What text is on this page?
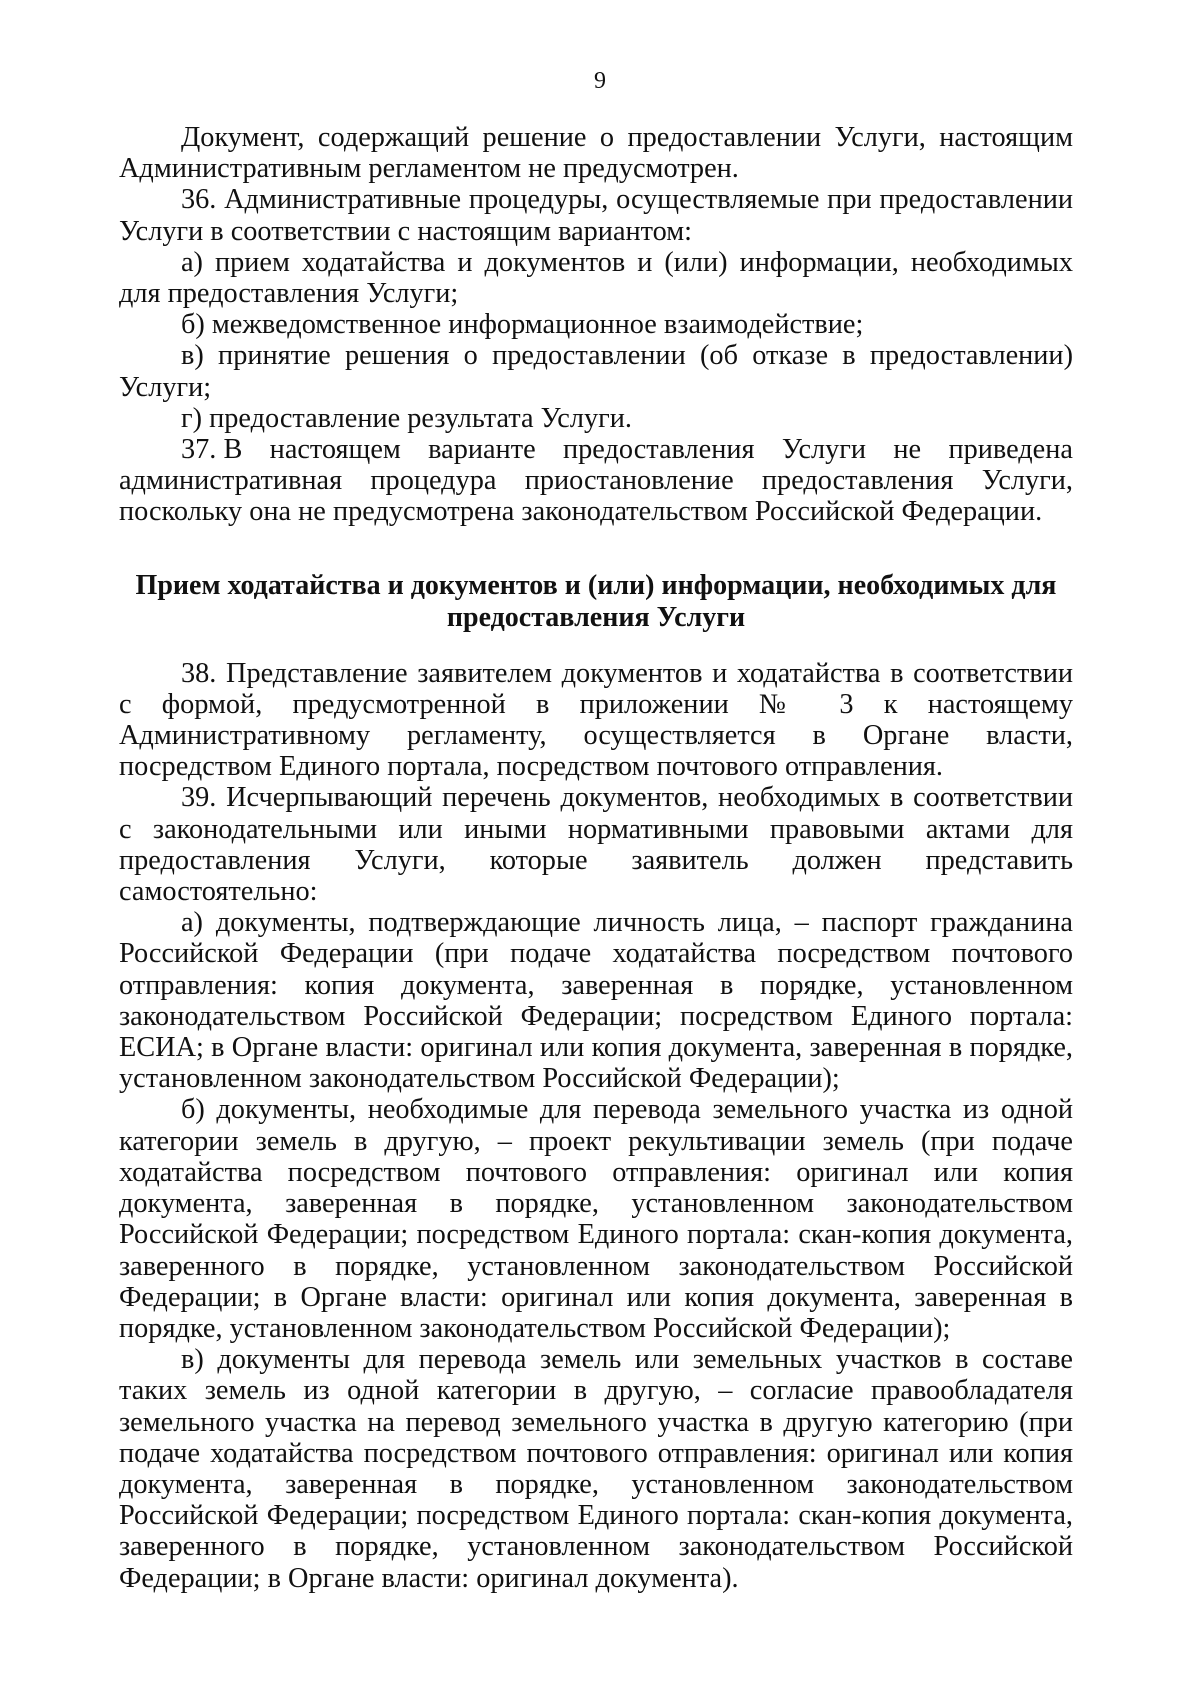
9

Документ, содержащий решение о предоставлении Услуги, настоящим Административным регламентом не предусмотрен.

36. Административные процедуры, осуществляемые при предоставлении Услуги в соответствии с настоящим вариантом:

а) прием ходатайства и документов и (или) информации, необходимых для предоставления Услуги;

б) межведомственное информационное взаимодействие;

в) принятие решения о предоставлении (об отказе в предоставлении) Услуги;

г) предоставление результата Услуги.

37. В настоящем варианте предоставления Услуги не приведена

административная процедура приостановление предоставления Услуги, поскольку она не предусмотрена законодательством Российской Федерации.

Прием ходатайства и документов и (или) информации, необходимых для предоставления Услуги

38. Представление заявителем документов и ходатайства в соответствии с формой, предусмотренной в приложении № 3 к настоящему Административному регламенту, осуществляется в Органе власти, посредством Единого портала, посредством почтового отправления.

39. Исчерпывающий перечень документов, необходимых в соответствии с законодательными или иными нормативными правовыми актами для предоставления Услуги, которые заявитель должен представить самостоятельно:

а) документы, подтверждающие личность лица, – паспорт гражданина Российской Федерации (при подаче ходатайства посредством почтового отправления: копия документа, заверенная в порядке, установленном законодательством Российской Федерации; посредством Единого портала: ЕСИА; в Органе власти: оригинал или копия документа, заверенная в порядке, установленном законодательством Российской Федерации);

б) документы, необходимые для перевода земельного участка из одной категории земель в другую, – проект рекультивации земель (при подаче ходатайства посредством почтового отправления: оригинал или копия документа, заверенная в порядке, установленном законодательством Российской Федерации; посредством Единого портала: скан-копия документа, заверенного в порядке, установленном законодательством Российской Федерации; в Органе власти: оригинал или копия документа, заверенная в порядке, установленном законодательством Российской Федерации);

в) документы для перевода земель или земельных участков в составе таких земель из одной категории в другую, – согласие правообладателя земельного участка на перевод земельного участка в другую категорию (при подаче ходатайства посредством почтового отправления: оригинал или копия документа, заверенная в порядке, установленном законодательством Российской Федерации; посредством Единого портала: скан-копия документа, заверенного в порядке, установленном законодательством Российской Федерации; в Органе власти: оригинал документа).
